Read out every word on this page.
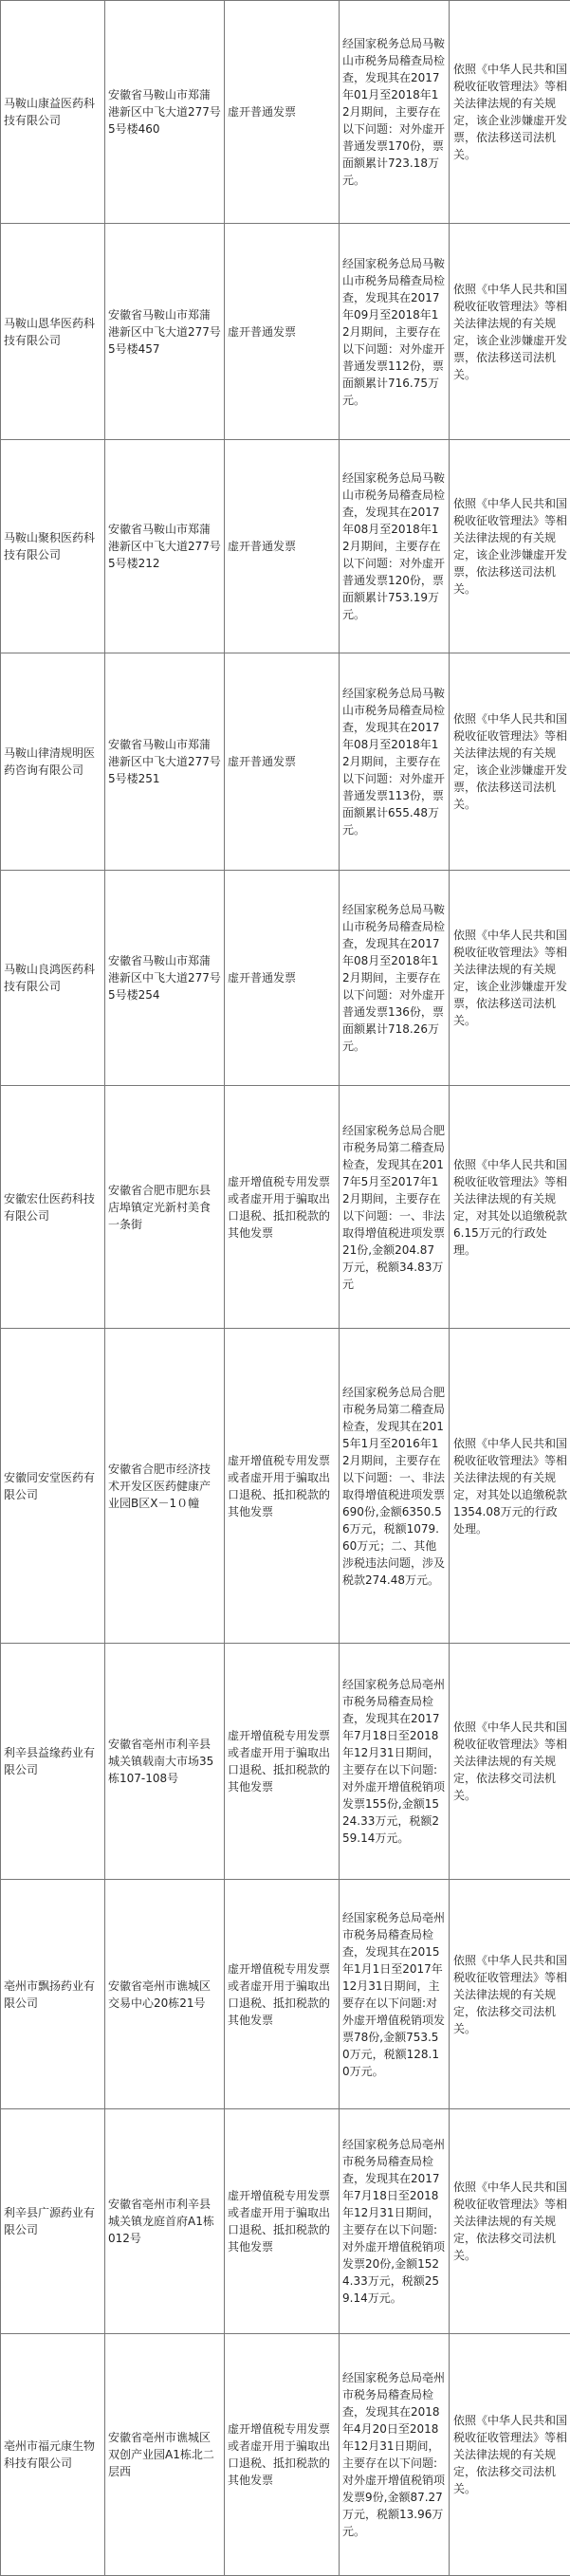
马鞍山康益医药科技有限公司	安徽省马鞍山市郑蒲港新区中飞大道277号5号楼460	虚开普通发票	经国家税务总局马鞍山市税务局稽查局检查，发现其在2017年01月至2018年12月期间，主要存在以下问题：对外虚开普通发票170份，票面额累计723.18万元。	依照《中华人民共和国税收征收管理法》等相关法律法规的有关规定，该企业涉嫌虚开发票，依法移送司法机关。
马鞍山恩华医药科技有限公司	安徽省马鞍山市郑蒲港新区中飞大道277号5号楼457	虚开普通发票	经国家税务总局马鞍山市税务局稽查局检查，发现其在2017年09月至2018年12月期间，主要存在以下问题：对外虚开普通发票112份，票面额累计716.75万元。	依照《中华人民共和国税收征收管理法》等相关法律法规的有关规定，该企业涉嫌虚开发票，依法移送司法机关。
马鞍山聚积医药科技有限公司	安徽省马鞍山市郑蒲港新区中飞大道277号5号楼212	虚开普通发票	经国家税务总局马鞍山市税务局稽查局检查，发现其在2017年08月至2018年12月期间，主要存在以下问题：对外虚开普通发票120份，票面额累计753.19万元。	依照《中华人民共和国税收征收管理法》等相关法律法规的有关规定，该企业涉嫌虚开发票，依法移送司法机关。
马鞍山律清规明医药咨询有限公司	安徽省马鞍山市郑蒲港新区中飞大道277号5号楼251	虚开普通发票	经国家税务总局马鞍山市税务局稽查局检查，发现其在2017年08月至2018年12月期间，主要存在以下问题：对外虚开普通发票113份，票面额累计655.48万元。	依照《中华人民共和国税收征收管理法》等相关法律法规的有关规定，该企业涉嫌虚开发票，依法移送司法机关。
马鞍山良鸿医药科技有限公司	安徽省马鞍山市郑蒲港新区中飞大道277号5号楼254	虚开普通发票	经国家税务总局马鞍山市税务局稽查局检查，发现其在2017年08月至2018年12月期间，主要存在以下问题：对外虚开普通发票136份，票面额累计718.26万元。	依照《中华人民共和国税收征收管理法》等相关法律法规的有关规定，该企业涉嫌虚开发票，依法移送司法机关。
安徽宏仕医药科技有限公司	安徽省合肥市肥东县店埠镇定光新村美食一条街	虚开增值税专用发票或者虚开用于骗取出口退税、抵扣税款的其他发票	经国家税务总局合肥市税务局第二稽查局检查，发现其在2017年5月至2017年12月期间，主要存在以下问题：一、非法取得增值税进项发票21份,金额204.87万元，税额34.83万元	依照《中华人民共和国税收征收管理法》等相关法律法规的有关规定，对其处以追缴税款6.15万元的行政处理。
安徽同安堂医药有限公司	安徽省合肥市经济技术开发区医药健康产业园B区X－1０幢	虚开增值税专用发票或者虚开用于骗取出口退税、抵扣税款的其他发票	经国家税务总局合肥市税务局第二稽查局检查，发现其在2015年1月至2016年12月期间，主要存在以下问题：一、非法取得增值税进项发票690份,金额6350.56万元，税额1079.60万元；二、其他涉税违法问题，涉及税款274.48万元。	依照《中华人民共和国税收征收管理法》等相关法律法规的有关规定，对其处以追缴税款1354.08万元的行政处理。
利辛县益缘药业有限公司	安徽省亳州市利辛县城关镇载南大市场35栋107-108号	虚开增值税专用发票或者虚开用于骗取出口退税、抵扣税款的其他发票	经国家税务总局亳州市税务局稽查局检查，发现其在2017年7月18日至2018年12月31日期间，主要存在以下问题:对外虚开增值税销项发票155份,金额1524.33万元，税额259.14万元。	依照《中华人民共和国税收征收管理法》等相关法律法规的有关规定，依法移交司法机关。
亳州市飘扬药业有限公司	安徽省亳州市谯城区交易中心20栋21号	虚开增值税专用发票或者虚开用于骗取出口退税、抵扣税款的其他发票	经国家税务总局亳州市税务局稽查局检查，发现其在2015年1月1日至2017年12月31日期间，主要存在以下问题:对外虚开增值税销项发票78份,金额753.50万元，税额128.10万元。	依照《中华人民共和国税收征收管理法》等相关法律法规的有关规定，依法移交司法机关。
利辛县广源药业有限公司	安徽省亳州市利辛县城关镇龙庭首府A1栋012号	虚开增值税专用发票或者虚开用于骗取出口退税、抵扣税款的其他发票	经国家税务总局亳州市税务局稽查局检查，发现其在2017年7月18日至2018年12月31日期间，主要存在以下问题:对外虚开增值税销项发票20份,金额1524.33万元，税额259.14万元。	依照《中华人民共和国税收征收管理法》等相关法律法规的有关规定，依法移交司法机关。
亳州市福元康生物科技有限公司	安徽省亳州市谯城区双创产业园A1栋北二层西	虚开增值税专用发票或者虚开用于骗取出口退税、抵扣税款的其他发票	经国家税务总局亳州市税务局稽查局检查，发现其在2018年4月20日至2018年12月31日期间，主要存在以下问题:对外虚开增值税销项发票9份,金额87.27万元，税额13.96万元。	依照《中华人民共和国税收征收管理法》等相关法律法规的有关规定，依法移交司法机关。
